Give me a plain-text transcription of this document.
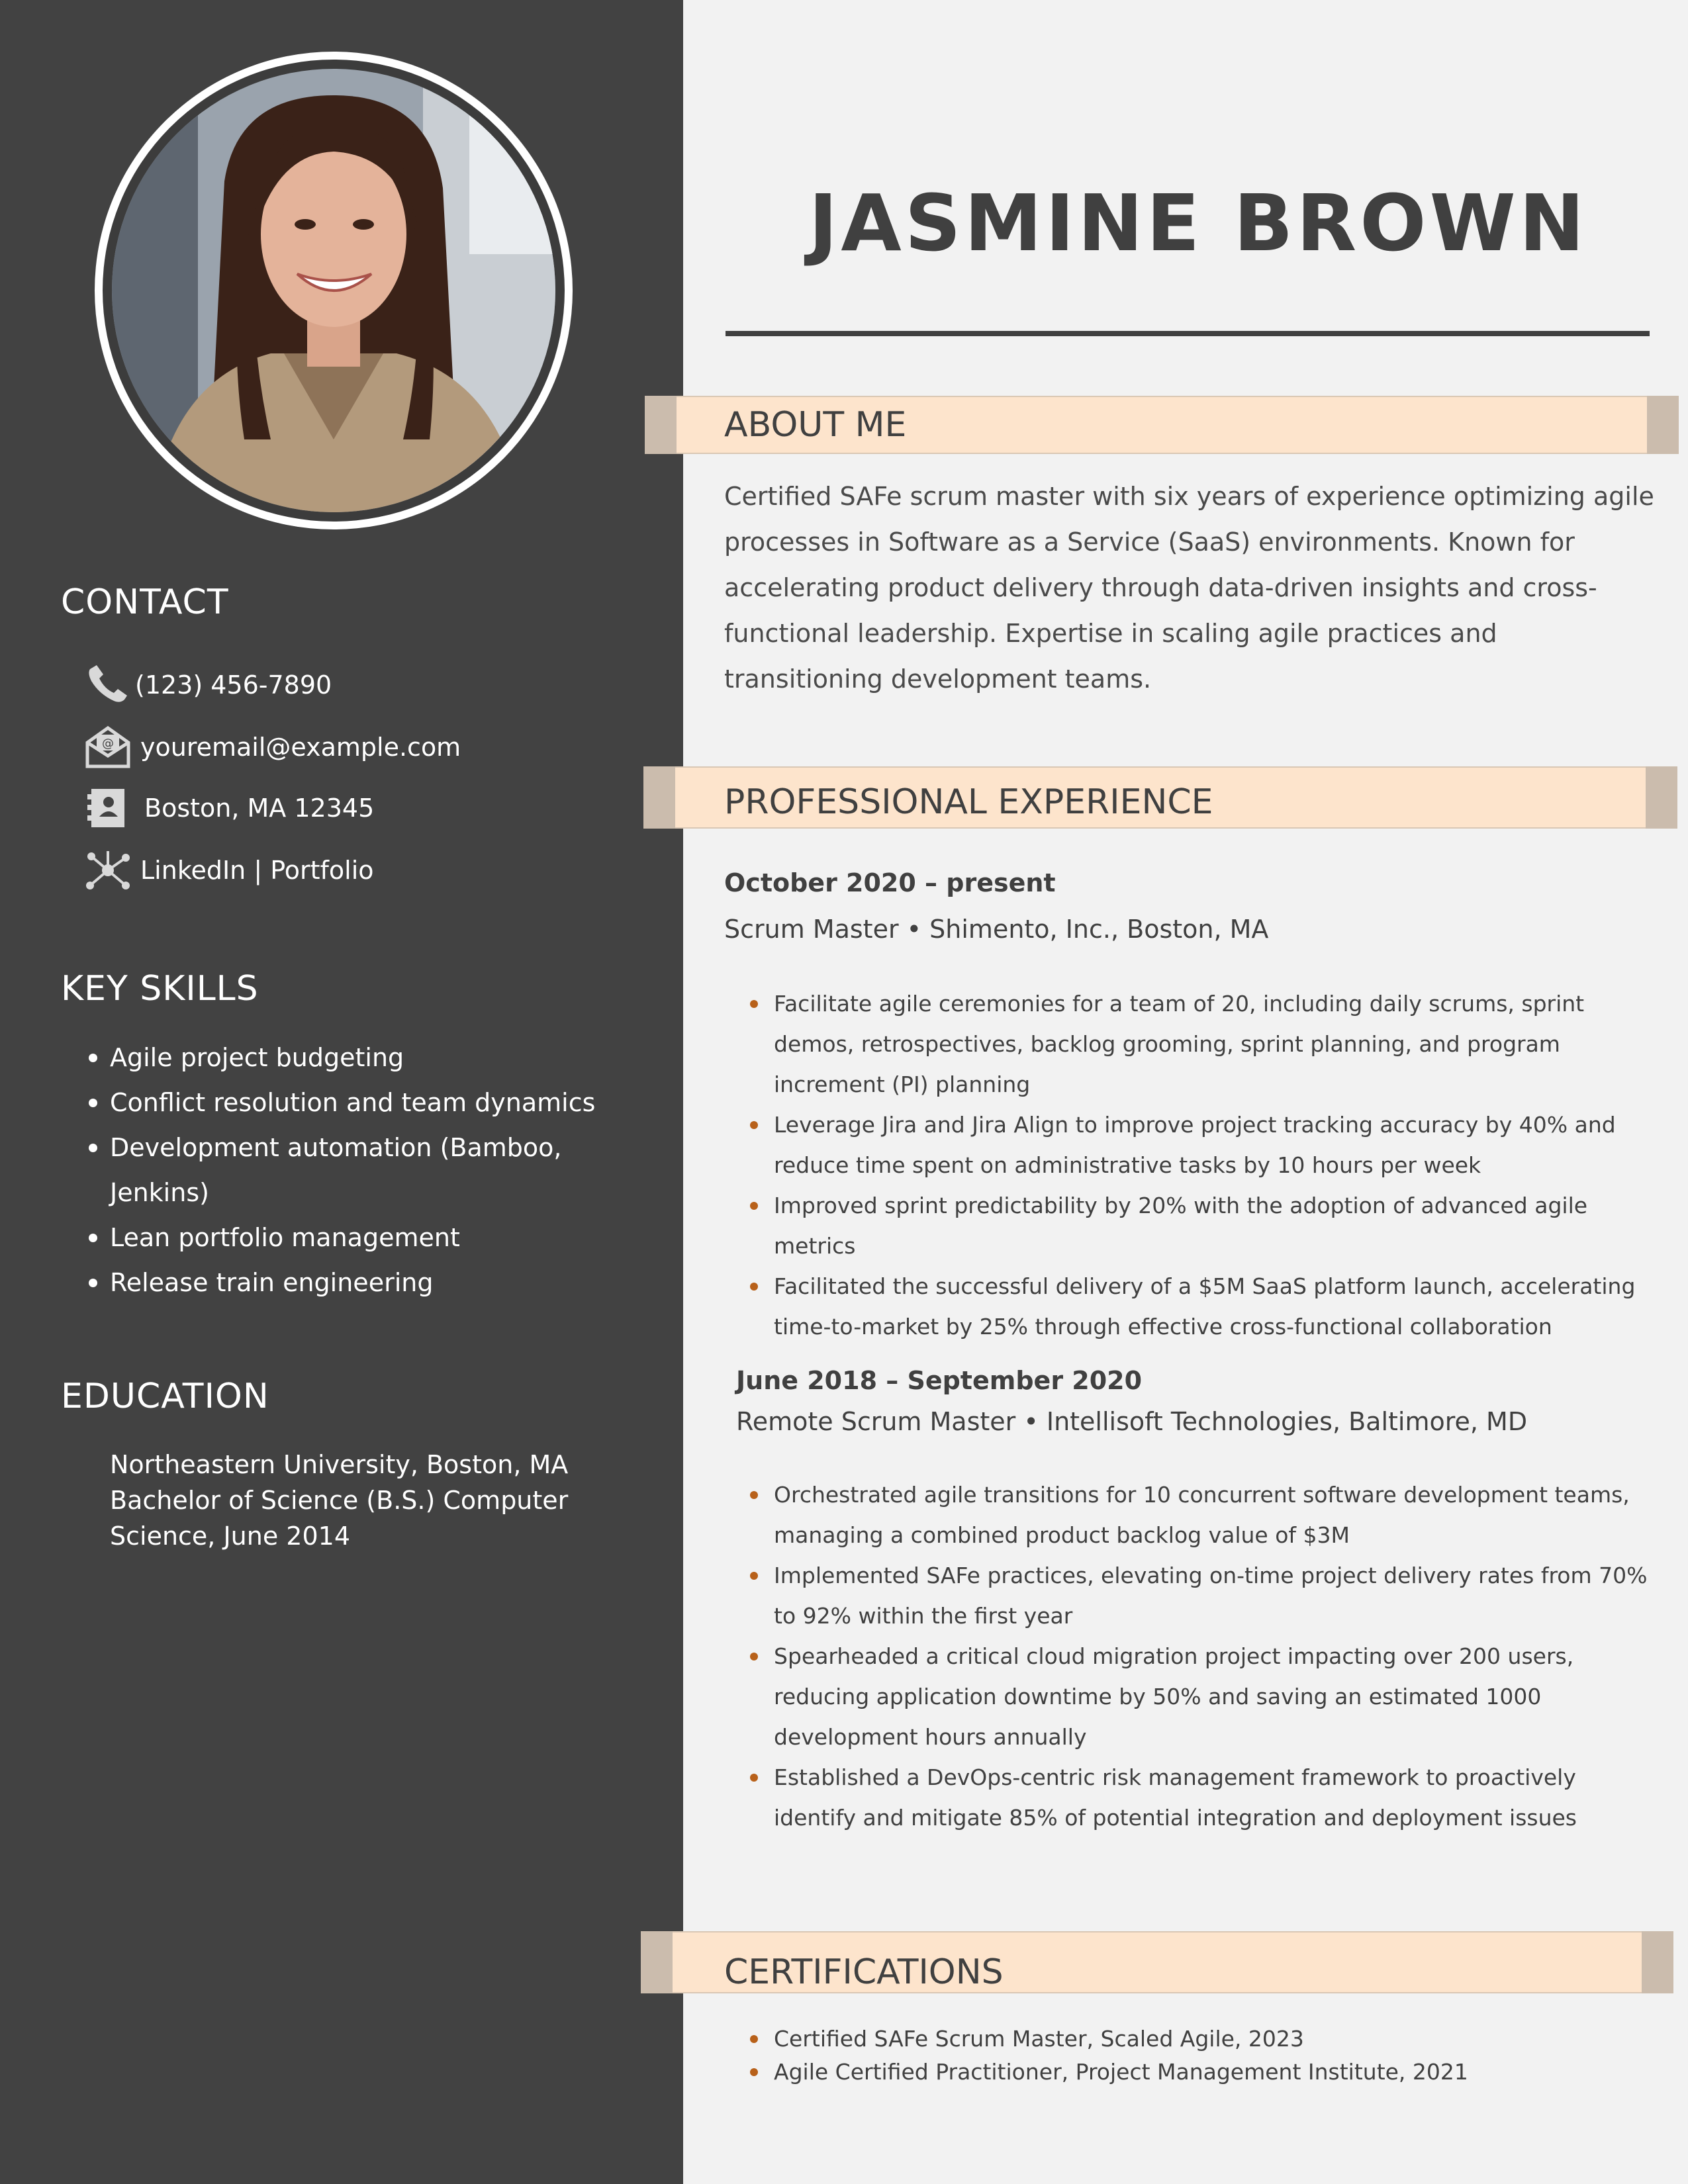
CONTACT
(123) 456-7890
@ youremail@example.com
Boston, MA 12345
LinkedIn | Portfolio
KEY SKILLS
Agile project budgeting
Conflict resolution and team dynamics
Development automation (Bamboo, Jenkins)
Lean portfolio management
Release train engineering
EDUCATION
Northeastern University, Boston, MA
Bachelor of Science (B.S.) Computer Science, June 2014
JASMINE BROWN
ABOUT ME
Certified SAFe scrum master with six years of experience optimizing agile processes in Software as a Service (SaaS) environments. Known for accelerating product delivery through data-driven insights and cross-functional leadership. Expertise in scaling agile practices and transitioning development teams.
PROFESSIONAL EXPERIENCE
October 2020 – present
Scrum Master • Shimento, Inc., Boston, MA
Facilitate agile ceremonies for a team of 20, including daily scrums, sprint demos, retrospectives, backlog grooming, sprint planning, and program increment (PI) planning
Leverage Jira and Jira Align to improve project tracking accuracy by 40% and reduce time spent on administrative tasks by 10 hours per week
Improved sprint predictability by 20% with the adoption of advanced agile metrics
Facilitated the successful delivery of a $5M SaaS platform launch, accelerating time-to-market by 25% through effective cross-functional collaboration
June 2018 – September 2020
Remote Scrum Master • Intellisoft Technologies, Baltimore, MD
Orchestrated agile transitions for 10 concurrent software development teams, managing a combined product backlog value of $3M
Implemented SAFe practices, elevating on-time project delivery rates from 70% to 92% within the first year
Spearheaded a critical cloud migration project impacting over 200 users, reducing application downtime by 50% and saving an estimated 1000 development hours annually
Established a DevOps-centric risk management framework to proactively identify and mitigate 85% of potential integration and deployment issues
CERTIFICATIONS
Certified SAFe Scrum Master, Scaled Agile, 2023
Agile Certified Practitioner, Project Management Institute, 2021
